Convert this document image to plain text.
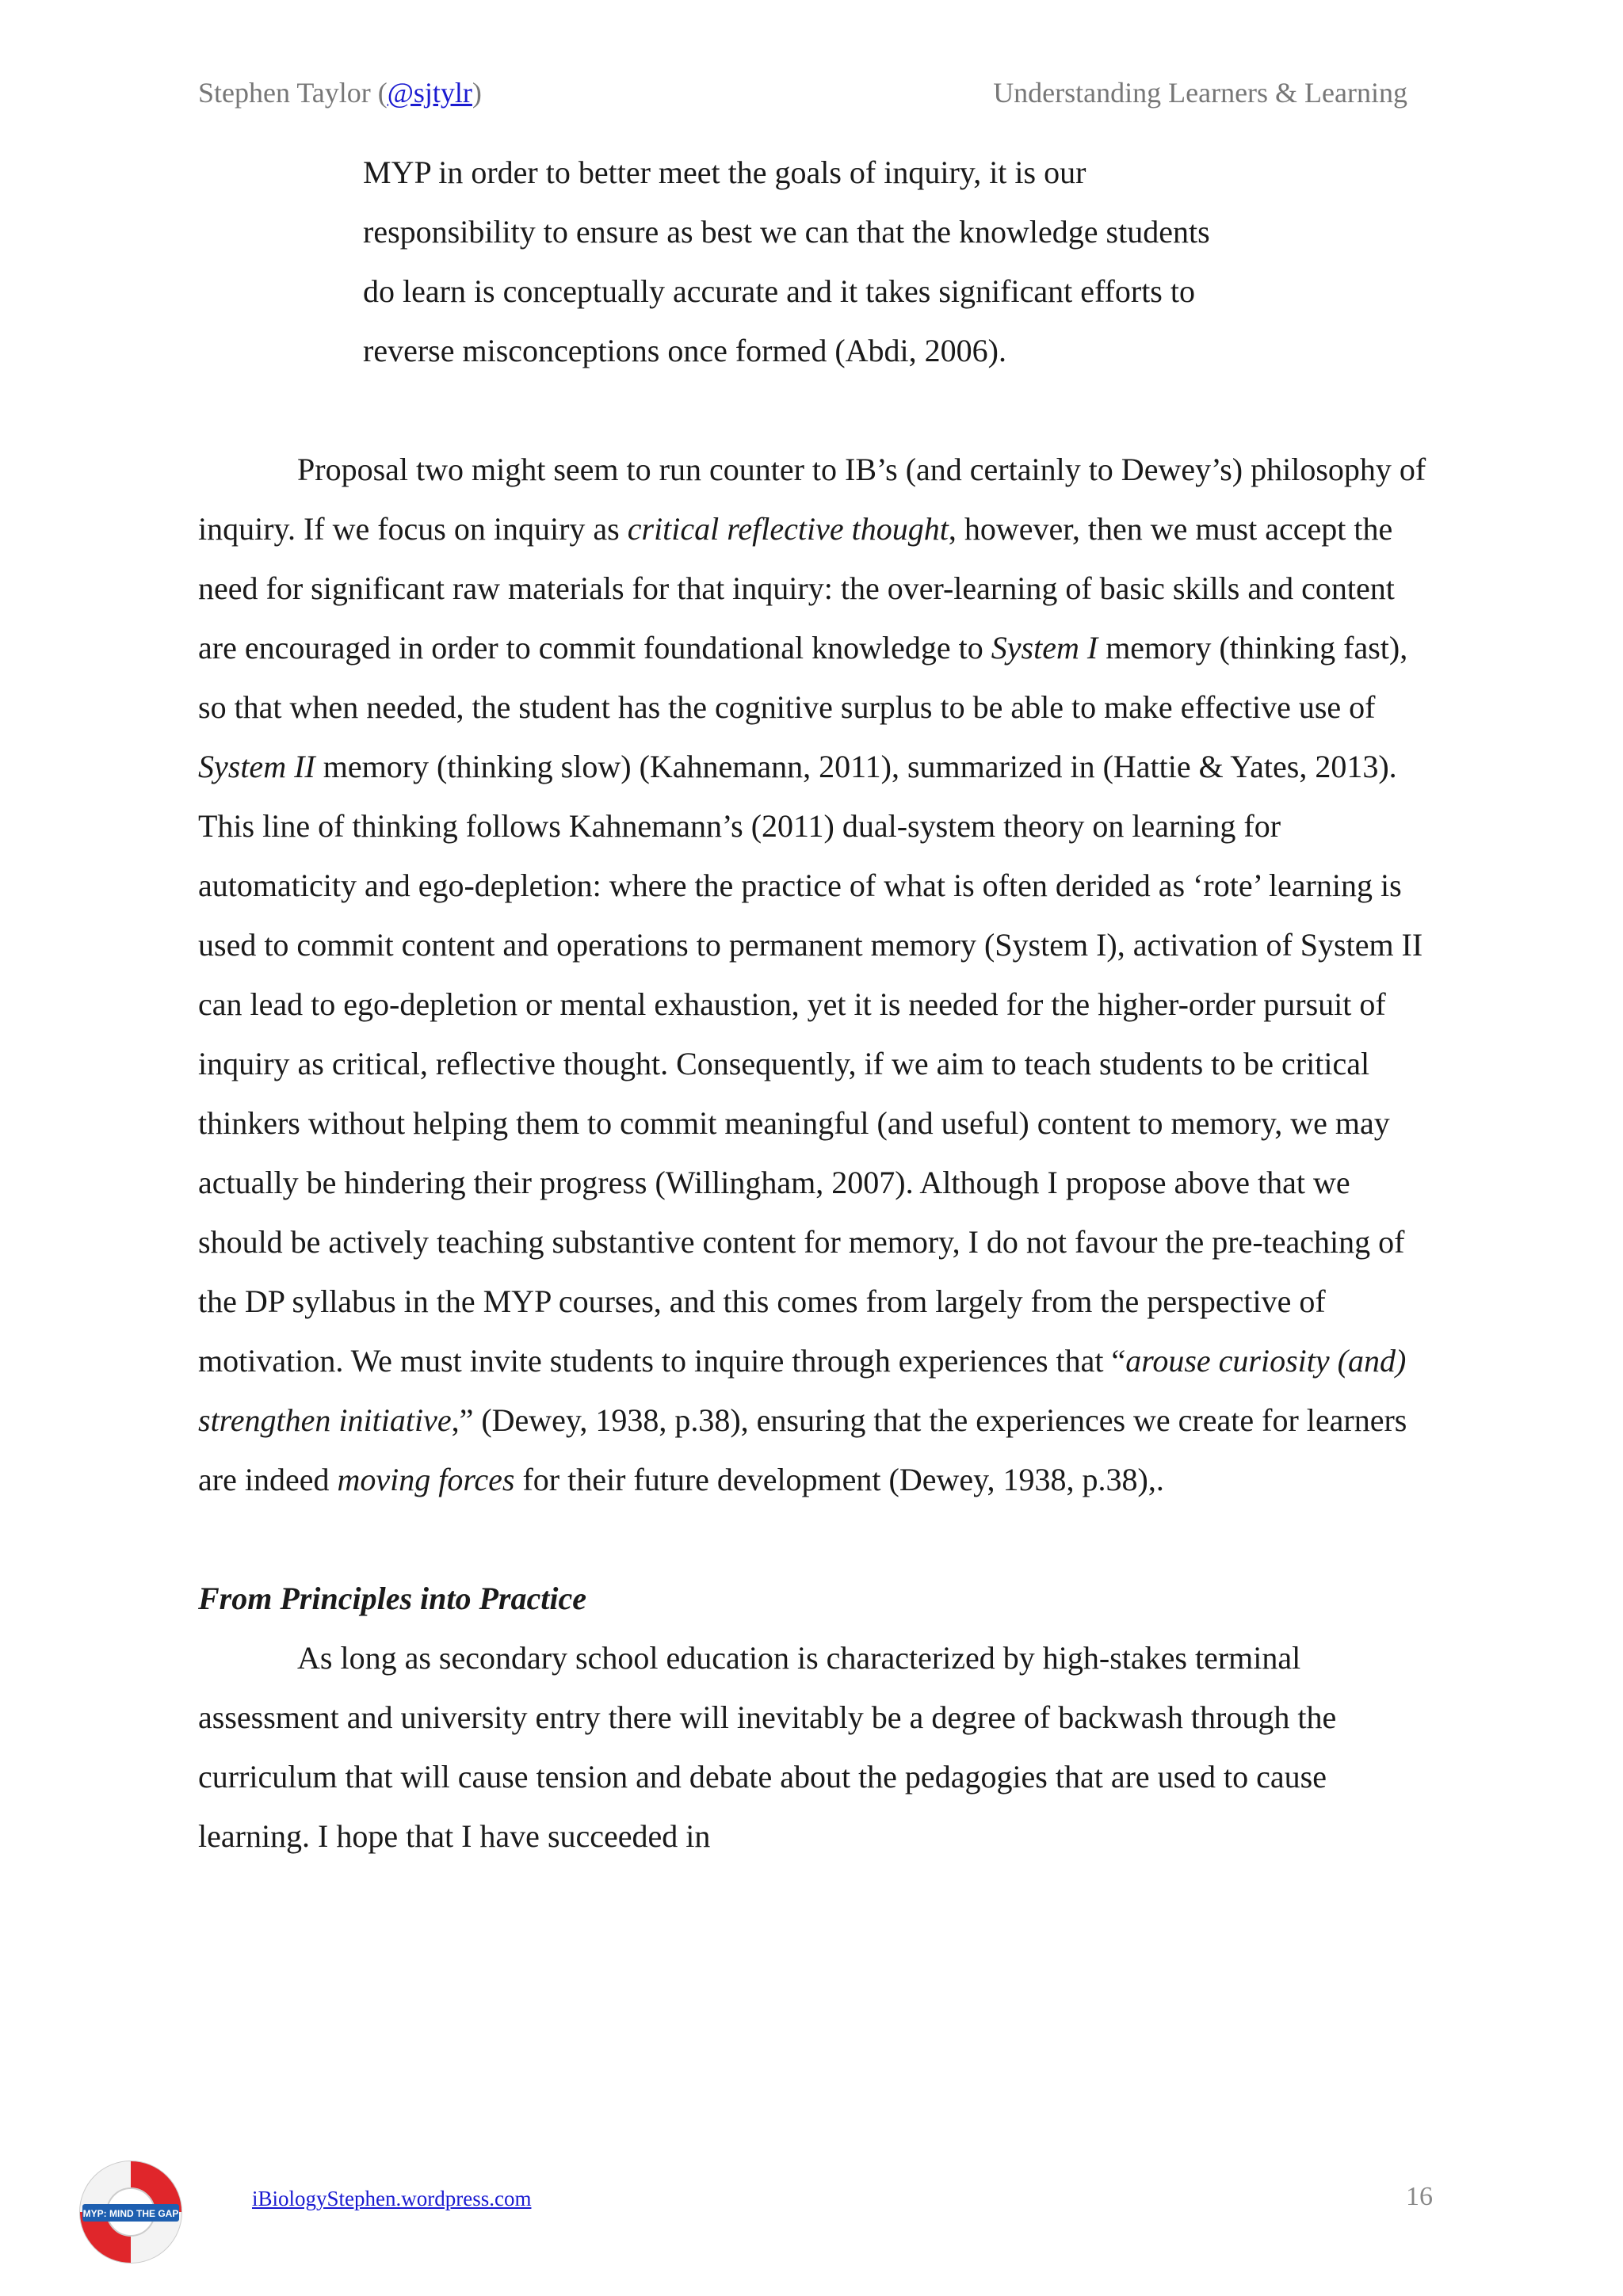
Stephen Taylor (@sjtylr)	Understanding Learners & Learning

MYP in order to better meet the goals of inquiry, it is our
responsibility to ensure as best we can that the knowledge students
do learn is conceptually accurate and it takes significant efforts to
reverse misconceptions once formed (Abdi, 2006).

Proposal two might seem to run counter to IB’s (and certainly to Dewey’s) philosophy of inquiry. If we focus on inquiry as critical reflective thought, however, then we must accept the need for significant raw materials for that inquiry: the over-learning of basic skills and content are encouraged in order to commit foundational knowledge to System I memory (thinking fast), so that when needed, the student has the cognitive surplus to be able to make effective use of System II memory (thinking slow) (Kahnemann, 2011), summarized in (Hattie & Yates, 2013). This line of thinking follows Kahnemann’s (2011) dual-system theory on learning for automaticity and ego-depletion: where the practice of what is often derided as ‘rote’ learning is used to commit content and operations to permanent memory (System I), activation of System II can lead to ego-depletion or mental exhaustion, yet it is needed for the higher-order pursuit of inquiry as critical, reflective thought. Consequently, if we aim to teach students to be critical thinkers without helping them to commit meaningful (and useful) content to memory, we may actually be hindering their progress (Willingham, 2007). Although I propose above that we should be actively teaching substantive content for memory, I do not favour the pre-teaching of the DP syllabus in the MYP courses, and this comes from largely from the perspective of motivation. We must invite students to inquire through experiences that “arouse curiosity (and) strengthen initiative,” (Dewey, 1938, p.38), ensuring that the experiences we create for learners are indeed moving forces for their future development (Dewey, 1938, p.38),.

From Principles into Practice

As long as secondary school education is characterized by high-stakes terminal assessment and university entry there will inevitably be a degree of backwash through the curriculum that will cause tension and debate about the pedagogies that are used to cause learning. I hope that I have succeeded in

MYP: MIND THE GAP
iBiologyStephen.wordpress.com	16
